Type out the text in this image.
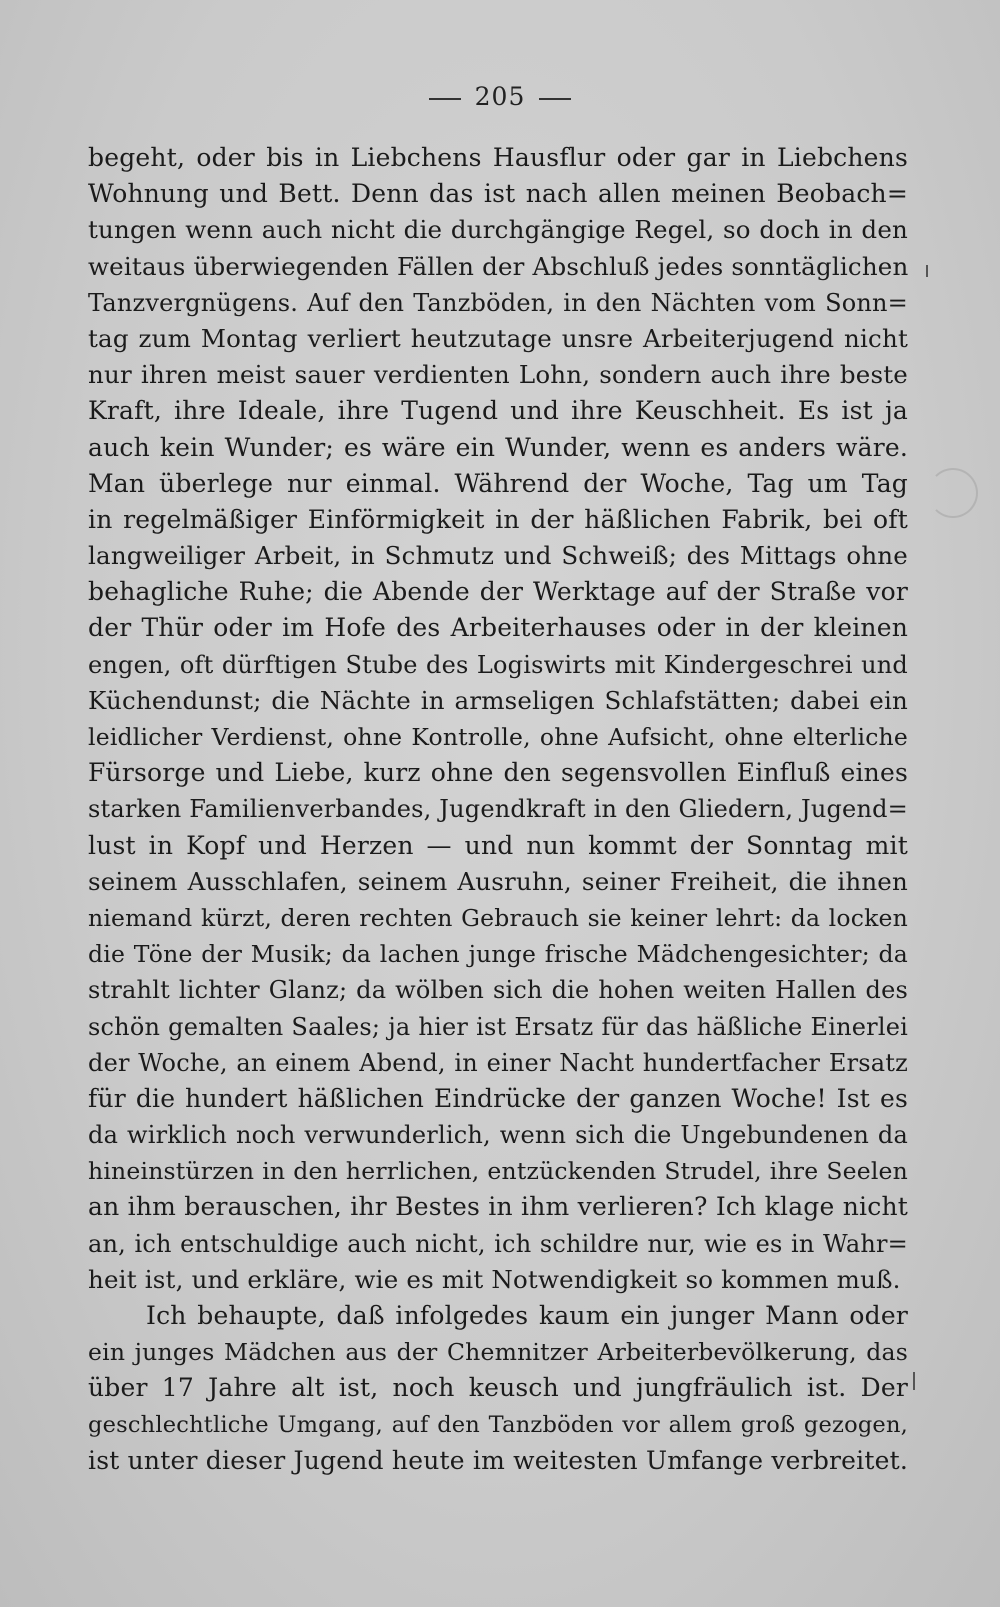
205
begeht, oder bis in Liebchens Hausflur oder gar in Liebchens
Wohnung und Bett. Denn das ist nach allen meinen Beobach=
tungen wenn auch nicht die durchgängige Regel, so doch in den
weitaus überwiegenden Fällen der Abschluß jedes sonntäglichen
Tanzvergnügens. Auf den Tanzböden, in den Nächten vom Sonn=
tag zum Montag verliert heutzutage unsre Arbeiterjugend nicht
nur ihren meist sauer verdienten Lohn, sondern auch ihre beste
Kraft, ihre Ideale, ihre Tugend und ihre Keuschheit. Es ist ja
auch kein Wunder; es wäre ein Wunder, wenn es anders wäre.
Man überlege nur einmal. Während der Woche, Tag um Tag
in regelmäßiger Einförmigkeit in der häßlichen Fabrik, bei oft
langweiliger Arbeit, in Schmutz und Schweiß; des Mittags ohne
behagliche Ruhe; die Abende der Werktage auf der Straße vor
der Thür oder im Hofe des Arbeiterhauses oder in der kleinen
engen, oft dürftigen Stube des Logiswirts mit Kindergeschrei und
Küchendunst; die Nächte in armseligen Schlafstätten; dabei ein
leidlicher Verdienst, ohne Kontrolle, ohne Aufsicht, ohne elterliche
Fürsorge und Liebe, kurz ohne den segensvollen Einfluß eines
starken Familienverbandes, Jugendkraft in den Gliedern, Jugend=
lust in Kopf und Herzen — und nun kommt der Sonntag mit
seinem Ausschlafen, seinem Ausruhn, seiner Freiheit, die ihnen
niemand kürzt, deren rechten Gebrauch sie keiner lehrt: da locken
die Töne der Musik; da lachen junge frische Mädchengesichter; da
strahlt lichter Glanz; da wölben sich die hohen weiten Hallen des
schön gemalten Saales; ja hier ist Ersatz für das häßliche Einerlei
der Woche, an einem Abend, in einer Nacht hundertfacher Ersatz
für die hundert häßlichen Eindrücke der ganzen Woche! Ist es
da wirklich noch verwunderlich, wenn sich die Ungebundenen da
hineinstürzen in den herrlichen, entzückenden Strudel, ihre Seelen
an ihm berauschen, ihr Bestes in ihm verlieren? Ich klage nicht
an, ich entschuldige auch nicht, ich schildre nur, wie es in Wahr=
heit ist, und erkläre, wie es mit Notwendigkeit so kommen muß.
Ich behaupte, daß infolgedes kaum ein junger Mann oder
ein junges Mädchen aus der Chemnitzer Arbeiterbevölkerung, das
über 17 Jahre alt ist, noch keusch und jungfräulich ist. Der
geschlechtliche Umgang, auf den Tanzböden vor allem groß gezogen,
ist unter dieser Jugend heute im weitesten Umfange verbreitet.
